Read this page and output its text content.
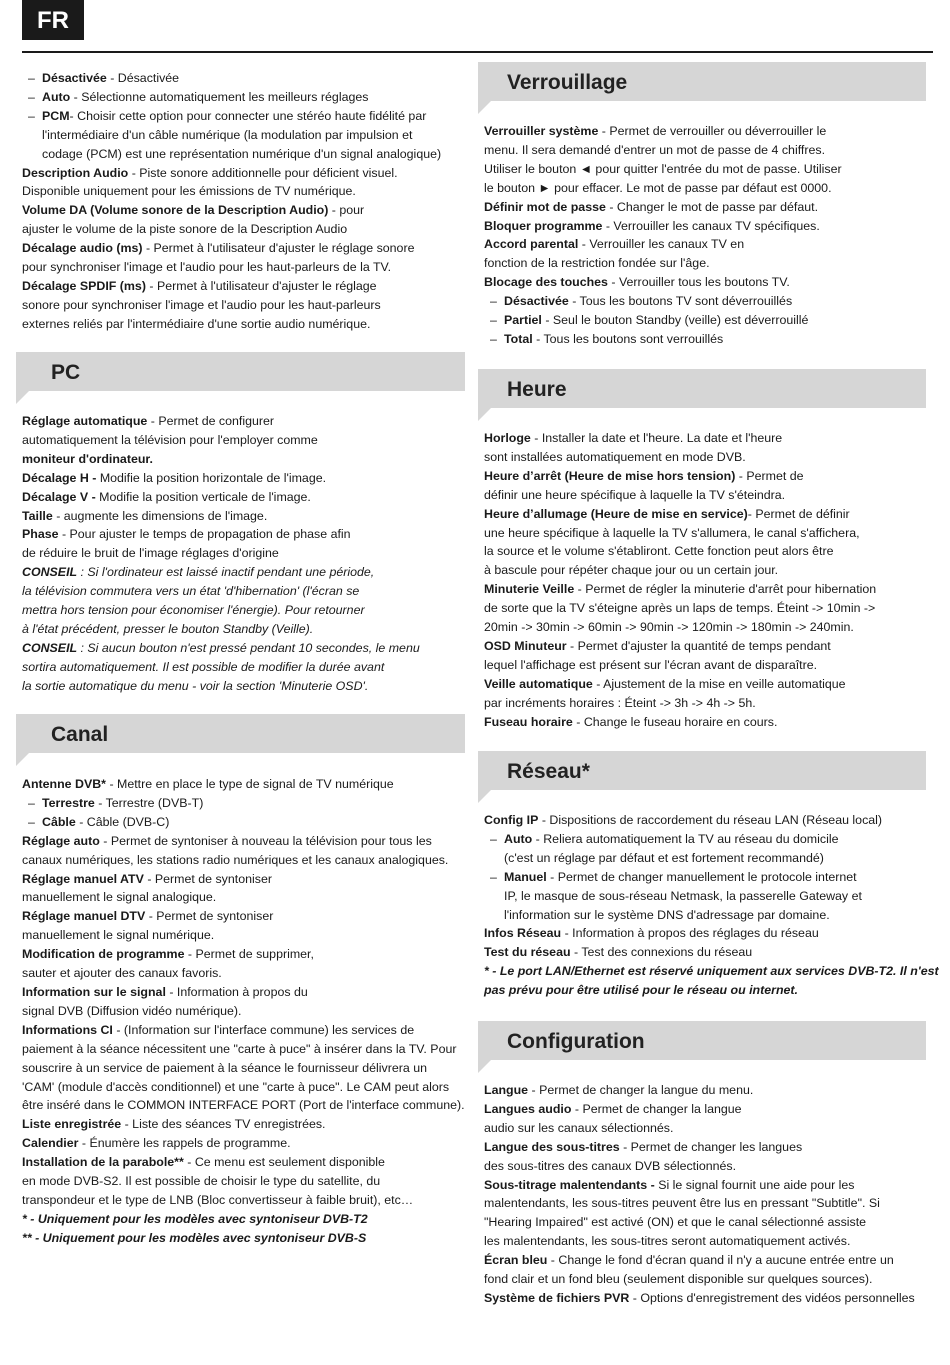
FR
– Désactivée - Désactivée
– Auto - Sélectionne automatiquement les meilleurs réglages
– PCM- Choisir cette option pour connecter une stéréo haute fidélité par
l'intermédiaire d'un câble numérique (la modulation par impulsion et
codage (PCM) est une représentation numérique d'un signal analogique)
Description Audio - Piste sonore additionnelle pour déficient visuel.
Disponible uniquement pour les émissions de TV numérique.
Volume DA (Volume sonore de la Description Audio) - pour
ajuster le volume de la piste sonore de la Description Audio
Décalage audio (ms) - Permet à l'utilisateur d'ajuster le réglage sonore
pour synchroniser l'image et l'audio pour les haut-parleurs de la TV.
Décalage SPDIF (ms) - Permet à l'utilisateur d'ajuster le réglage
sonore pour synchroniser l'image et l'audio pour les haut-parleurs
externes reliés par l'intermédiaire d'une sortie audio numérique.
PC
Réglage automatique - Permet de configurer
automatiquement la télévision pour l'employer comme
moniteur d'ordinateur.
Décalage H - Modifie la position horizontale de l'image.
Décalage V - Modifie la position verticale de l'image.
Taille - augmente les dimensions de l'image.
Phase - Pour ajuster le temps de propagation de phase afin
de réduire le bruit de l'image réglages d'origine
CONSEIL : Si l'ordinateur est laissé inactif pendant une période,
la télévision commutera vers un état 'd'hibernation' (l'écran se
mettra hors tension pour économiser l'énergie). Pour retourner
à l'état précédent, presser le bouton Standby (Veille).
CONSEIL : Si aucun bouton n'est pressé pendant 10 secondes, le menu
sortira automatiquement. Il est possible de modifier la durée avant
la sortie automatique du menu - voir la section 'Minuterie OSD'.
Canal
Antenne DVB* - Mettre en place le type de signal de TV numérique
– Terrestre - Terrestre (DVB-T)
– Câble - Câble (DVB-C)
Réglage auto - Permet de syntoniser à nouveau la télévision pour tous les
canaux numériques, les stations radio numériques et les canaux analogiques.
Réglage manuel ATV - Permet de syntoniser
manuellement le signal analogique.
Réglage manuel DTV - Permet de syntoniser
manuellement le signal numérique.
Modification de programme - Permet de supprimer,
sauter et ajouter des canaux favoris.
Information sur le signal - Information à propos du
signal DVB (Diffusion vidéo numérique).
Informations CI - (Information sur l'interface commune) les services de
paiement à la séance nécessitent une "carte à puce" à insérer dans la TV. Pour
souscrire à un service de paiement à la séance le fournisseur délivrera un
'CAM' (module d'accès conditionnel) et une "carte à puce". Le CAM peut alors
être inséré dans le COMMON INTERFACE PORT (Port de l'interface commune).
Liste enregistrée - Liste des séances TV enregistrées.
Calendier - Énumère les rappels de programme.
Installation de la parabole** - Ce menu est seulement disponible
en mode DVB-S2. Il est possible de choisir le type du satellite, du
transpondeur et le type de LNB (Bloc convertisseur à faible bruit), etc…
* - Uniquement pour les modèles avec syntoniseur DVB-T2
** - Uniquement pour les modèles avec syntoniseur DVB-S
Verrouillage
Verrouiller système - Permet de verrouiller ou déverrouiller le
menu. Il sera demandé d'entrer un mot de passe de 4 chiffres.
Utiliser le bouton ◄ pour quitter l'entrée du mot de passe. Utiliser
le bouton ► pour effacer. Le mot de passe par défaut est 0000.
Définir mot de passe - Changer le mot de passe par défaut.
Bloquer programme - Verrouiller les canaux TV spécifiques.
Accord parental - Verrouiller les canaux TV en
fonction de la restriction fondée sur l'âge.
Blocage des touches - Verrouiller tous les boutons TV.
– Désactivée - Tous les boutons TV sont déverrouillés
– Partiel - Seul le bouton Standby (veille) est déverrouillé
– Total - Tous les boutons sont verrouillés
Heure
Horloge - Installer la date et l'heure. La date et l'heure
sont installées automatiquement en mode DVB.
Heure d’arrêt (Heure de mise hors tension) - Permet de
définir une heure spécifique à laquelle la TV s'éteindra.
Heure d’allumage (Heure de mise en service)- Permet de définir
une heure spécifique à laquelle la TV s'allumera, le canal s'affichera,
la source et le volume s'établiront. Cette fonction peut alors être
à bascule pour répéter chaque jour ou un certain jour.
Minuterie Veille - Permet de régler la minuterie d'arrêt pour hibernation
de sorte que la TV s'éteigne après un laps de temps. Éteint -> 10min ->
20min -> 30min -> 60min -> 90min -> 120min -> 180min -> 240min.
OSD Minuteur - Permet d'ajuster la quantité de temps pendant
lequel l'affichage est présent sur l'écran avant de disparaître.
Veille automatique - Ajustement de la mise en veille automatique
par incréments horaires : Éteint -> 3h -> 4h -> 5h.
Fuseau horaire - Change le fuseau horaire en cours.
Réseau*
Config IP - Dispositions de raccordement du réseau LAN (Réseau local)
– Auto - Reliera automatiquement la TV au réseau du domicile
(c'est un réglage par défaut et est fortement recommandé)
– Manuel - Permet de changer manuellement le protocole internet
IP, le masque de sous-réseau Netmask, la passerelle Gateway et
l'information sur le système DNS d'adressage par domaine.
Infos Réseau - Information à propos des réglages du réseau
Test du réseau - Test des connexions du réseau
* - Le port LAN/Ethernet est réservé uniquement aux services DVB-T2. Il n'est
pas prévu pour être utilisé pour le réseau ou internet.
Configuration
Langue - Permet de changer la langue du menu.
Langues audio - Permet de changer la langue
audio sur les canaux sélectionnés.
Langue des sous-titres - Permet de changer les langues
des sous-titres des canaux DVB sélectionnés.
Sous-titrage malentendants - Si le signal fournit une aide pour les
malentendants, les sous-titres peuvent être lus en pressant "Subtitle". Si
"Hearing Impaired" est activé (ON) et que le canal sélectionné assiste
les malentendants, les sous-titres seront automatiquement activés.
Écran bleu - Change le fond d'écran quand il n'y a aucune entrée entre un
fond clair et un fond bleu (seulement disponible sur quelques sources).
Système de fichiers PVR - Options d'enregistrement des vidéos personnelles
